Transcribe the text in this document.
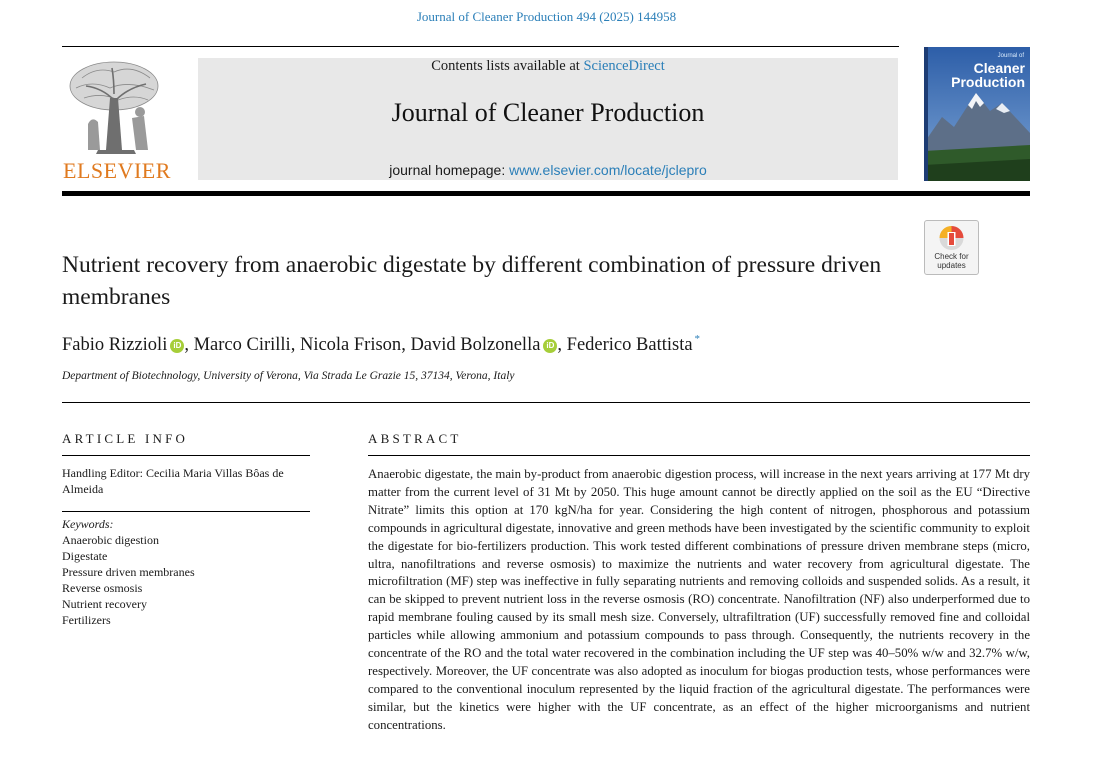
Journal of Cleaner Production 494 (2025) 144958
ELSEVIER
Contents lists available at ScienceDirect
Journal of Cleaner Production
journal homepage: www.elsevier.com/locate/jclepro
Journal of
Cleaner
Production
Check for
updates
Nutrient recovery from anaerobic digestate by different combination of pressure driven membranes
Fabio Rizzioli iD , Marco Cirilli, Nicola Frison, David Bolzonella iD , Federico Battista *
Department of Biotechnology, University of Verona, Via Strada Le Grazie 15, 37134, Verona, Italy
ARTICLE INFO
Handling Editor: Cecilia Maria Villas Bôas de Almeida
Keywords:
Anaerobic digestion
Digestate
Pressure driven membranes
Reverse osmosis
Nutrient recovery
Fertilizers
ABSTRACT
Anaerobic digestate, the main by-product from anaerobic digestion process, will increase in the next years arriving at 177 Mt dry matter from the current level of 31 Mt by 2050. This huge amount cannot be directly applied on the soil as the EU “Directive Nitrate” limits this option at 170 kgN/ha for year. Considering the high content of nitrogen, phosphorous and potassium compounds in agricultural digestate, innovative and green methods have been investigated by the scientific community to exploit the digestate for bio-fertilizers production. This work tested different combinations of pressure driven membrane steps (micro, ultra, nanofiltrations and reverse osmosis) to maximize the nutrients and water recovery from agricultural digestate. The microfiltration (MF) step was ineffective in fully separating nutrients and removing colloids and suspended solids. As a result, it can be skipped to prevent nutrient loss in the reverse osmosis (RO) concentrate. Nanofiltration (NF) also underperformed due to rapid membrane fouling caused by its small mesh size. Conversely, ultrafiltration (UF) successfully removed fine and colloidal particles while allowing ammonium and potassium compounds to pass through. Consequently, the nutrients recovery in the concentrate of the RO and the total water recovered in the combination including the UF step was 40–50% w/w and 32.7% w/w, respectively. Moreover, the UF concentrate was also adopted as inoculum for biogas production tests, whose performances were compared to the conventional inoculum represented by the liquid fraction of the agricultural digestate. The performances were similar, but the kinetics were higher with the UF concentrate, as an effect of the higher microorganisms and nutrient concentrations.
